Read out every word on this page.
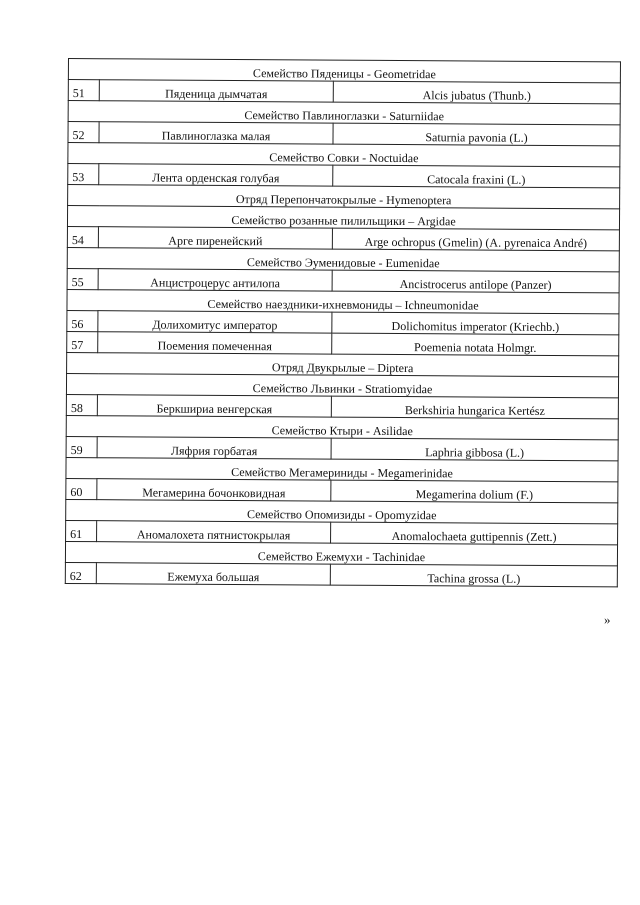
Семейство Пяденицы - Geometridae		
51	Пяденица дымчатая	Alcis jubatus (Thunb.)
Семейство Павлиноглазки - Saturniidae		
52	Павлиноглазка малая	Saturnia pavonia (L.)
Семейство Совки - Noctuidae		
53	Лента орденская голубая	Catocala fraxini (L.)
Отряд Перепончатокрылые - Hymenoptera		
Семейство розанные пилильщики – Argidae		
54	Арге пиренейский	Arge ochropus (Gmelin) (A. pyrenaica André)
Семейство Эуменидовые - Eumenidae		
55	Анцистроцерус антилопа	Ancistrocerus antilope (Panzer)
Семейство наездники-ихневмониды – Ichneumonidae		
56	Долихомитус император	Dolichomitus imperator (Kriechb.)
57	Поемения помеченная	Poemenia notata Holmgr.
Отряд Двукрылые – Diptera		
Семейство Львинки - Stratiomyidae		
58	Беркшириа венгерская	Berkshiria hungarica Kertész
Семейство Ктыри - Asilidae		
59	Ляфрия горбатая	Laphria gibbosa (L.)
Семейство Мегамериниды - Megamerinidae		
60	Мегамерина бочонковидная	Megamerina dolium (F.)
Семейство Опомизиды - Opomyzidae		
61	Аномалохета пятнистокрылая	Anomalochaeta guttipennis (Zett.)
Семейство Ежемухи - Tachinidae		
62	Ежемуха большая	Tachina grossa (L.)
»
